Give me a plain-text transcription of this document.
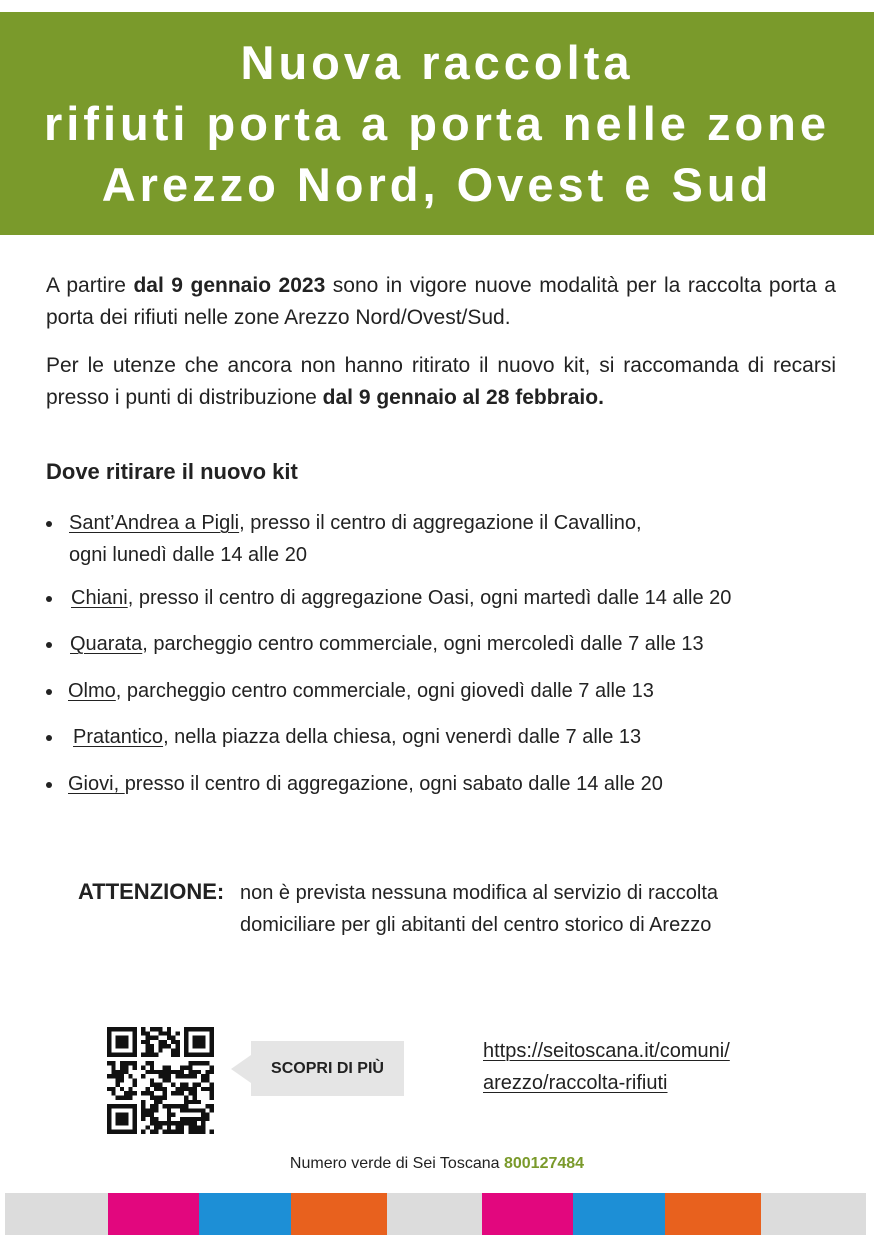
Nuova raccolta
rifiuti porta a porta nelle zone
Arezzo Nord, Ovest e Sud

A partire dal 9 gennaio 2023 sono in vigore nuove modalità per la raccolta porta a porta dei rifiuti nelle zone Arezzo Nord/Ovest/Sud.

Per le utenze che ancora non hanno ritirato il nuovo kit, si raccomanda di recarsi presso i punti di distribuzione dal 9 gennaio al 28 febbraio.

Dove ritirare il nuovo kit
Sant’Andrea a Pigli, presso il centro di aggregazione il Cavallino,
ogni lunedì dalle 14 alle 20
Chiani, presso il centro di aggregazione Oasi, ogni martedì dalle 14 alle 20
Quarata, parcheggio centro commerciale, ogni mercoledì dalle 7 alle 13
Olmo, parcheggio centro commerciale, ogni giovedì dalle 7 alle 13
Pratantico, nella piazza della chiesa, ogni venerdì dalle 7 alle 13
Giovi, presso il centro di aggregazione, ogni sabato dalle 14 alle 20
ATTENZIONE: non è prevista nessuna modifica al servizio di raccolta domiciliare per gli abitanti del centro storico di Arezzo
SCOPRI DI PIÙ
https://seitoscana.it/comuni/
arezzo/raccolta-rifiuti
Numero verde di Sei Toscana 800127484
